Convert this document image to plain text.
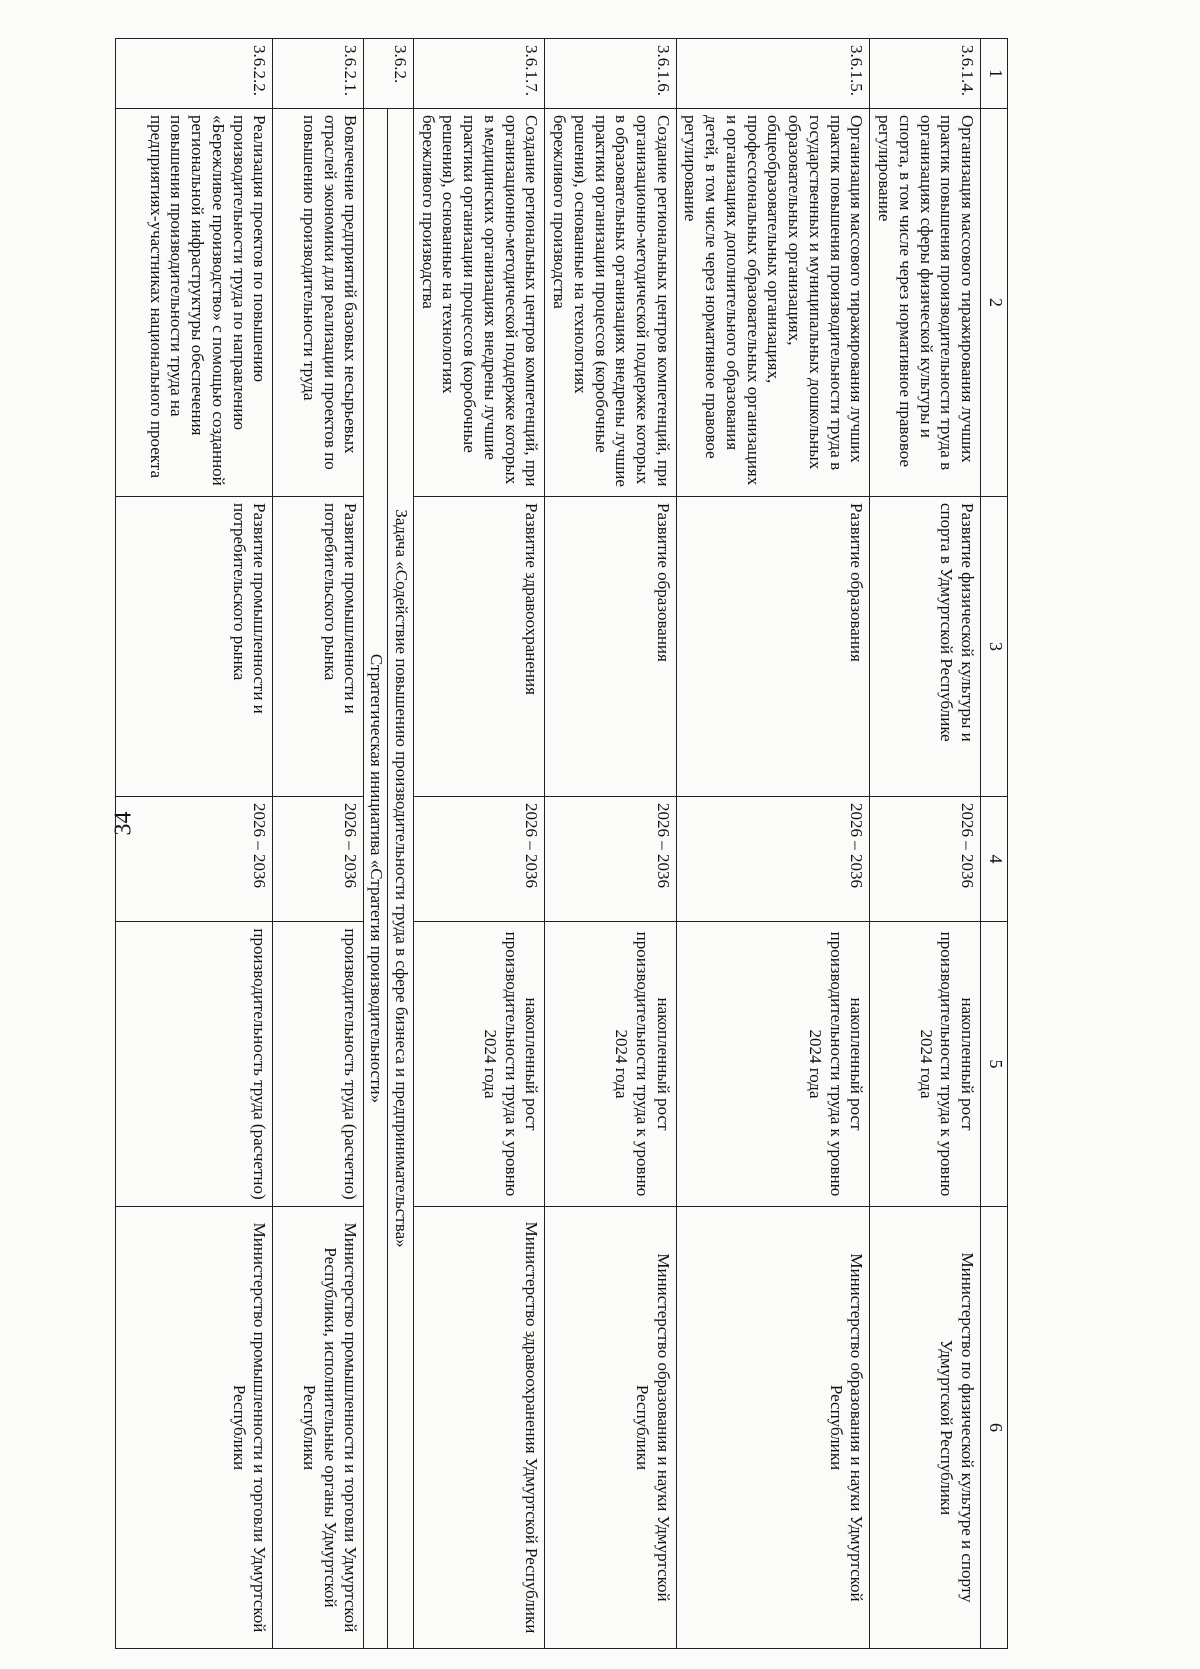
34
1	2	3	4	5	6
3.6.1.4.	Организация массового тиражирования лучших практик повышения производительности труда в организациях сферы физической культуры и спорта, в том числе через нормативное правовое регулирование	Развитие физической культуры и спорта в Удмуртской Республике	2026 – 2036	накопленный рост производительности труда к уровню 2024 года	Министерство по физической культуре и спорту Удмуртской Республики
3.6.1.5.	Организация массового тиражирования лучших практик повышения производительности труда в государственных и муниципальных дошкольных образовательных организациях, общеобразовательных организациях, профессиональных образовательных организациях и организациях дополнительного образования детей, в том числе через нормативное правовое регулирование	Развитие образования	2026 – 2036	накопленный рост производительности труда к уровню 2024 года	Министерство образования и науки Удмуртской Республики
3.6.1.6.	Создание региональных центров компетенций, при организационно-методической поддержке которых в образовательных организациях внедрены лучшие практики организации процессов (коробочные решения), основанные на технологиях бережливого производства	Развитие образования	2026 – 2036	накопленный рост производительности труда к уровню 2024 года	Министерство образования и науки Удмуртской Республики
3.6.1.7.	Создание региональных центров компетенций, при организационно-методической поддержке которых в медицинских организациях внедрены лучшие практики организации процессов (коробочные решения), основанные на технологиях бережливого производства	Развитие здравоохранения	2026 – 2036	накопленный рост производительности труда к уровню 2024 года	Министерство здравоохранения Удмуртской Республики
3.6.2.	Задача «Содействие повышению производительности труда в сфере бизнеса и предпринимательства»				
	Стратегическая инициатива «Стратегия производительности»				
3.6.2.1.	Вовлечение предприятий базовых несырьевых отраслей экономики для реализации проектов по повышению производительности труда	Развитие промышленности и потребительского рынка	2026 – 2036	производительность труда (расчетно)	Министерство промышленности и торговли Удмуртской Республики, исполнительные органы Удмуртской Республики
3.6.2.2.	Реализация проектов по повышению производительности труда по направлению «Бережливое производство» с помощью созданной региональной инфраструктуры обеспечения повышения производительности труда на предприятиях-участниках национального проекта	Развитие промышленности и потребительского рынка	2026 – 2036	производительность труда (расчетно)	Министерство промышленности и торговли Удмуртской Республики
